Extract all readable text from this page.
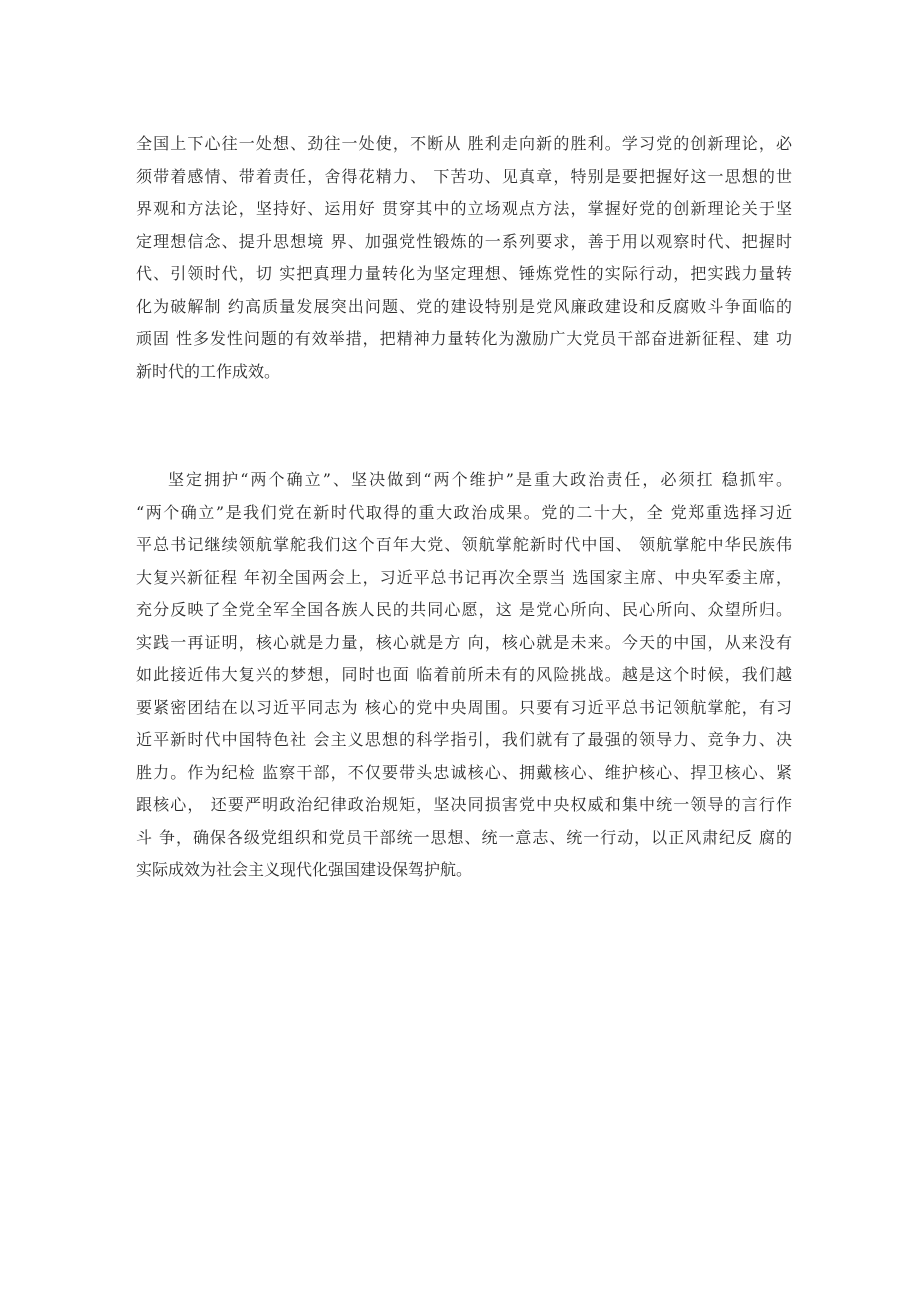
全国上下心往一处想、劲往一处使，不断从 胜利走向新的胜利。学习党的创新理论，必
须带着感情、带着责任，舍得花精力、 下苦功、见真章，特别是要把握好这一思想的世
界观和方法论，坚持好、运用好 贯穿其中的立场观点方法，掌握好党的创新理论关于坚
定理想信念、提升思想境 界、加强党性锻炼的一系列要求，善于用以观察时代、把握时
代、引领时代，切 实把真理力量转化为坚定理想、锤炼党性的实际行动，把实践力量转
化为破解制 约高质量发展突出问题、党的建设特别是党风廉政建设和反腐败斗争面临的
顽固 性多发性问题的有效举措，把精神力量转化为激励广大党员干部奋进新征程、建 功
新时代的工作成效。
坚定拥护“两个确立”、坚决做到“两个维护”是重大政治责任，必须扛 稳抓牢。
“两个确立”是我们党在新时代取得的重大政治成果。党的二十大，全 党郑重选择习近
平总书记继续领航掌舵我们这个百年大党、领航掌舵新时代中国、 领航掌舵中华民族伟
大复兴新征程 年初全国两会上，习近平总书记再次全票当 选国家主席、中央军委主席，
充分反映了全党全军全国各族人民的共同心愿，这 是党心所向、民心所向、众望所归。
实践一再证明，核心就是力量，核心就是方 向，核心就是未来。今天的中国，从来没有
如此接近伟大复兴的梦想，同时也面 临着前所未有的风险挑战。越是这个时候，我们越
要紧密团结在以习近平同志为 核心的党中央周围。只要有习近平总书记领航掌舵，有习
近平新时代中国特色社 会主义思想的科学指引，我们就有了最强的领导力、竞争力、决
胜力。作为纪检 监察干部，不仅要带头忠诚核心、拥戴核心、维护核心、捍卫核心、紧
跟核心， 还要严明政治纪律政治规矩，坚决同损害党中央权威和集中统一领导的言行作
斗 争，确保各级党组织和党员干部统一思想、统一意志、统一行动，以正风肃纪反 腐的
实际成效为社会主义现代化强国建设保驾护航。
